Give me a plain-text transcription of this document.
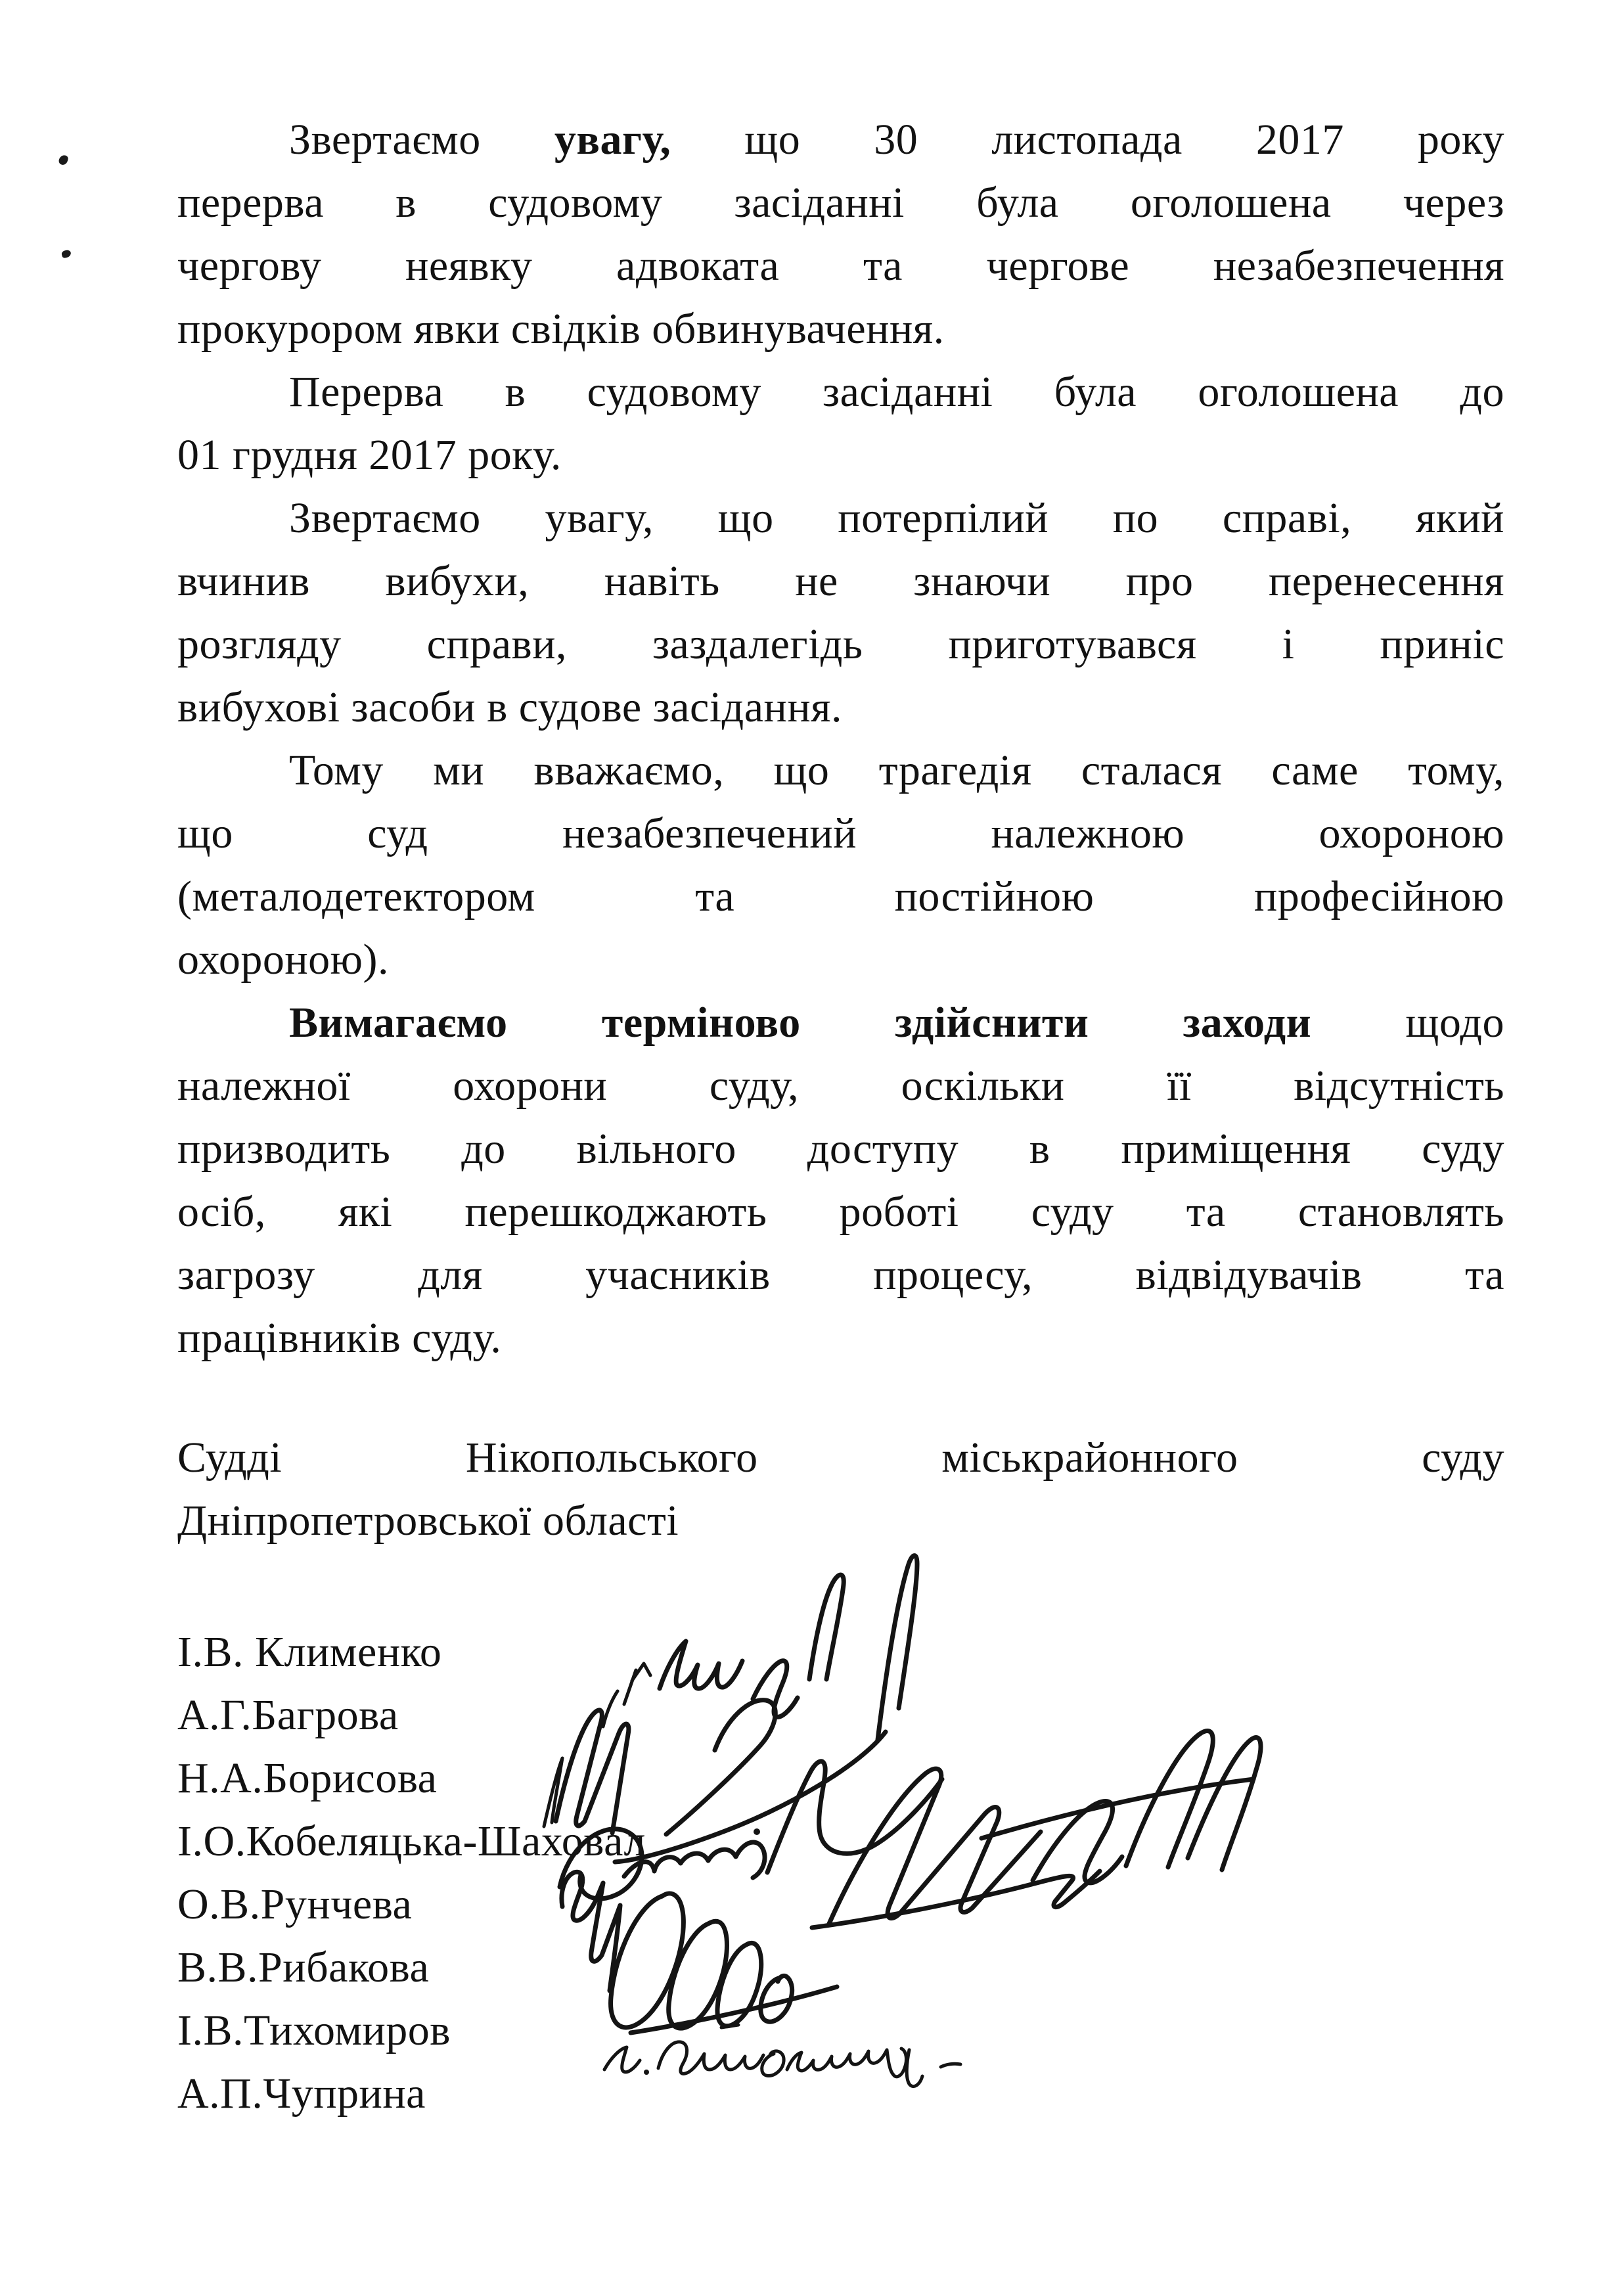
Звертаємо увагу, що 30 листопада 2017 року
перерва в судовому засіданні була оголошена через
чергову неявку адвоката та чергове незабезпечення
прокурором явки свідків обвинувачення.
Перерва в судовому засіданні була оголошена до
01 грудня 2017 року.
Звертаємо увагу, що потерпілий по справі, який
вчинив вибухи, навіть не знаючи про перенесення
розгляду справи, заздалегідь приготувався і приніс
вибухові засоби в судове засідання.
Тому ми вважаємо, що трагедія сталася саме тому,
що суд незабезпечений належною охороною
(металодетектором та постійною професійною
охороною).
Вимагаємо терміново здійснити заходи щодо
належної охорони суду, оскільки її відсутність
призводить до вільного доступу в приміщення суду
осіб, які перешкоджають роботі суду та становлять
загрозу для учасників процесу, відвідувачів та
працівників суду.
Судді Нікопольського міськрайонного суду
Дніпропетровської області
І.В. Клименко
А.Г.Багрова
Н.А.Борисова
І.О.Кобеляцька-Шаховал
О.В.Рунчева
В.В.Рибакова
І.В.Тихомиров
А.П.Чуприна
